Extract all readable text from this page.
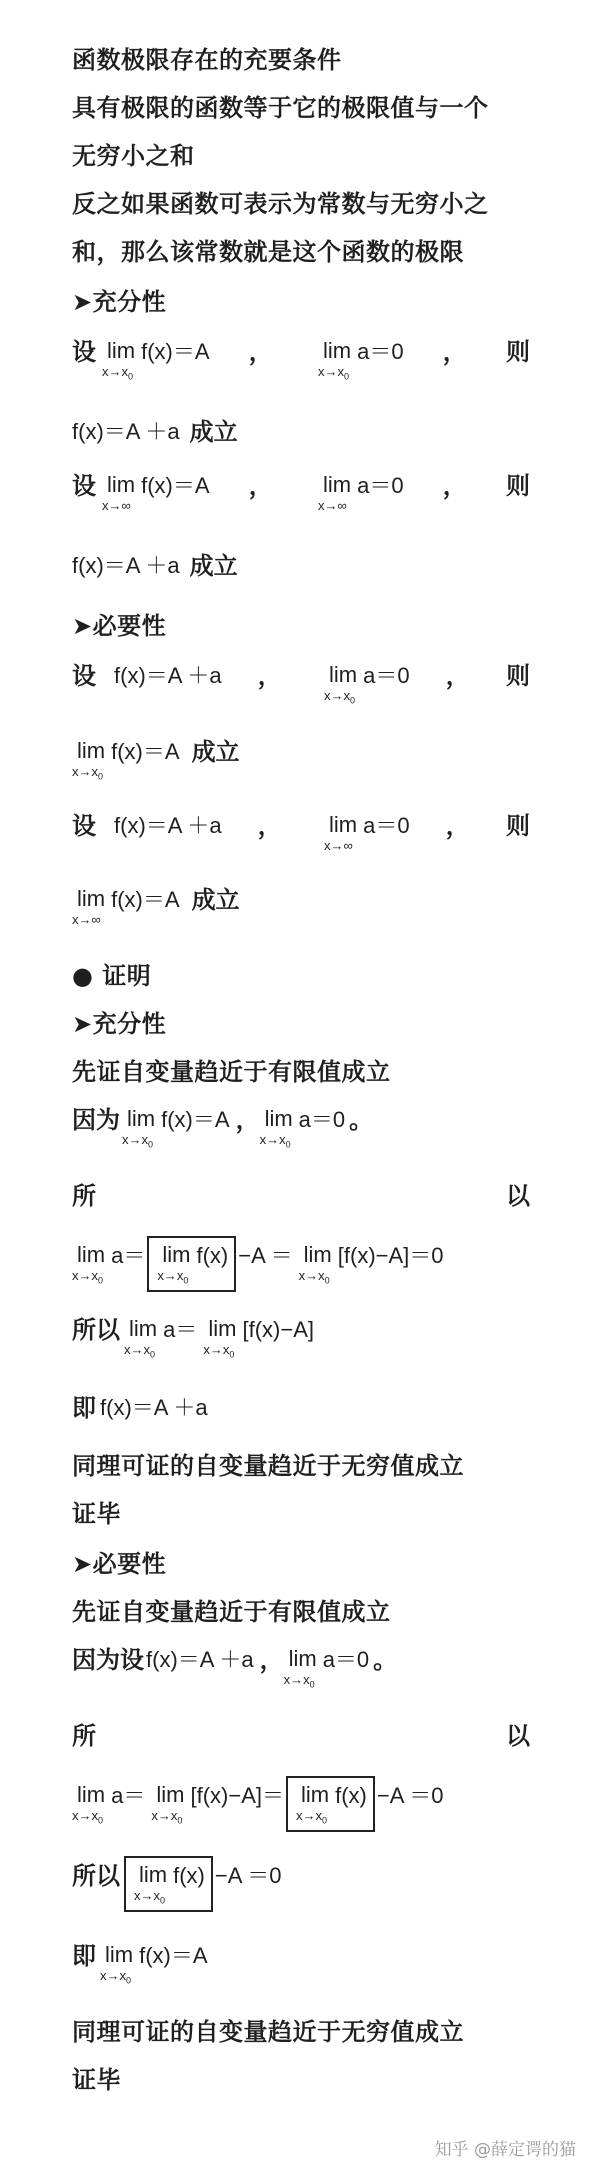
函数极限存在的充要条件
具有极限的函数等于它的极限值与一个
无穷小之和
反之如果函数可表示为常数与无穷小之
和，那么该常数就是这个函数的极限
➤充分性
设 lim
$x\to x_0$
f(x)＝A ， lim
$x\to x_0$
a＝0 ， 则
f(x)＝A ＋a 成立
设 lim
x→∞
f(x)＝A ， lim
x→∞
a＝0 ， 则
f(x)＝A ＋a 成立
➤必要性
设 f(x)＝A ＋a ， lim
$x\to x_0$
a＝0 ， 则
lim
$x\to x_0$
f(x)＝A 成立
设 f(x)＝A ＋a ， lim
x→∞
a＝0 ， 则
lim
x→∞
f(x)＝A 成立
● 证明
➤充分性
先证自变量趋近于有限值成立
因为 lim
$x\to x_0$
f(x)＝A ， lim
$x\to x_0$
a＝0 。
所	以
lim
$x\to x_0$
a＝ lim
$x\to x_0$
f(x) −A ＝ lim
$x\to x_0$
[f(x)−A] ＝0
所以 lim
$x\to x_0$
a＝ lim
$x\to x_0$
[f(x)−A]
即 f(x)＝A ＋a
同理可证的自变量趋近于无穷值成立
证毕
➤必要性
先证自变量趋近于有限值成立
因为设 f(x)＝A ＋a ， lim
$x\to x_0$
a＝0 。
所	以
lim
$x\to x_0$
a＝ lim
$x\to x_0$
[f(x)−A] ＝ lim
$x\to x_0$
f(x) −A ＝0
所以 lim
$x\to x_0$
f(x) −A ＝0
即 lim
$x\to x_0$
f(x)＝A
同理可证的自变量趋近于无穷值成立
证毕
知乎 @薛定谔的猫
